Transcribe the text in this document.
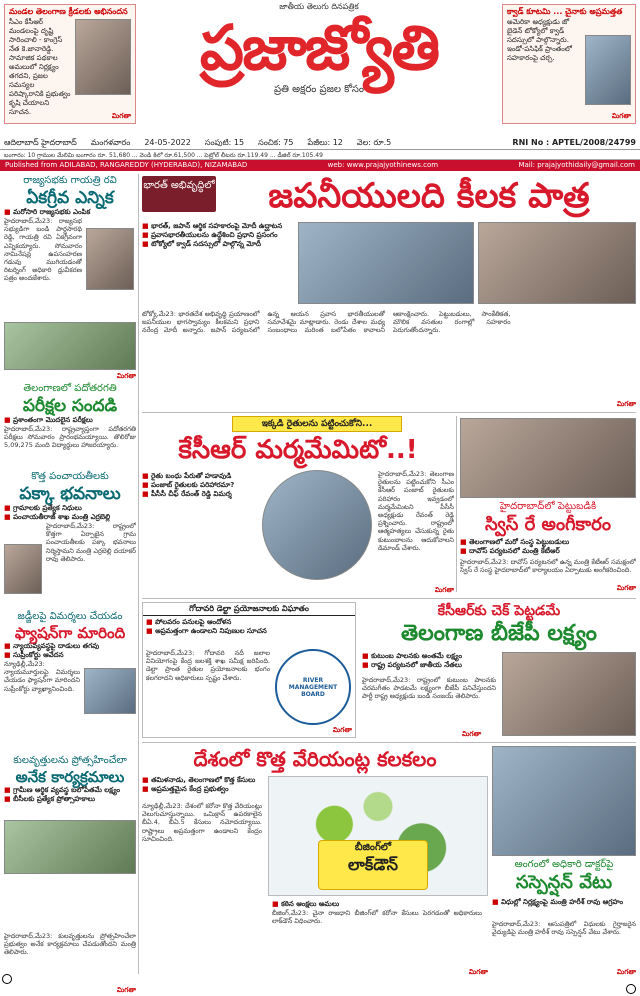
మండల తెలంగాణ క్రీడలకు అభినందన
సీఎం కేసీఆర్ మండలంపై దృష్టి సారించాలి - కాంగ్రెస్ నేత కె.జానారెడ్డి. సామాజిక పథకాల అమలులో నిర్లక్ష్యం తగదని, ప్రజల సమస్యల పరిష్కారానికి ప్రభుత్వం కృషి చేయాలని సూచన.	మిగతా
జాతీయ తెలుగు దినపత్రిక
ప్రజాజ్యోతి
ప్రతి అక్షరం ప్రజల కోసం
క్వాడ్ కూటమి ... చైనాకు అప్రమత్తత
అమెరికా అధ్యక్షుడు జో బైడెన్ టోక్యోలో క్వాడ్ సదస్సులో పాల్గొన్నారు. ఇండో-పసిఫిక్ ప్రాంతంలో సహకారంపై చర్చ.
మిగతా
ఆదిలాబాద్ హైదరాబాద్ మంగళవారం 24-05-2022 సంపుటి: 15 సంచిక: 75 పేజీలు: 12 వెల: రూ.5	RNI No : APTEL/2008/24799
బంగారం: 10 గ్రాముల మేలిమి బంగారం రూ. 51,680 ... వెండి కిలో రూ.61,500 ... పెట్రోల్ లీటరు రూ.119.49 ... డీజిల్ రూ.105.49
Published from ADILABAD, RANGAREDDY (HYDERABAD), NIZAMABAD	web: www.prajajyothinews.com	Mail: prajajyothidaily@gmail.com
రాజ్యసభకు గాయత్రి రవి
ఏకగ్రీవ ఎన్నిక
■ మరోసారి రాజ్యసభకు ఎంపిక
హైదరాబాద్,మే23: రాజ్యసభ సభ్యుడిగా బండి పార్థసారథి రెడ్డి, గాయత్రి రవి ఏకగ్రీవంగా ఎన్నికయ్యారు. సోమవారం నామినేషన్ల ఉపసంహరణ గడువు ముగియడంతో రిటర్నింగ్ అధికారి ధ్రువీకరణ పత్రం అందజేశారు.
మిగతా
తెలంగాణలో పదోతరగతి
పరీక్షల సందడి
■ ప్రశాంతంగా మొదలైన పరీక్షలు
హైదరాబాద్,మే23: రాష్ట్రవ్యాప్తంగా పదోతరగతి పరీక్షలు సోమవారం ప్రారంభమయ్యాయి. తొలిరోజు 5,09,275 మంది విద్యార్థులు హాజరయ్యారు.
కొత్త పంచాయతీలకు
పక్కా భవనాలు
■ గ్రామాలకు ప్రత్యేక నిధులు
■ పంచాయతీరాజ్ శాఖ మంత్రి ఎర్రబెల్లి
హైదరాబాద్,మే23: రాష్ట్రంలో కొత్తగా ఏర్పాటైన గ్రామ పంచాయతీలకు పక్కా భవనాలు నిర్మిస్తామని మంత్రి ఎర్రబెల్లి దయాకర్ రావు తెలిపారు.
జడ్జీలపై విమర్శలు చేయడం
ఫ్యాషన్‌గా మారింది
■ న్యాయవ్యవస్థపై దాడులు తగవు
■ సుప్రీంకోర్టు ఆవేదన
న్యూఢిల్లీ,మే23: న్యాయమూర్తులపై విమర్శలు చేయడం ఫ్యాషన్‌గా మారిందని సుప్రీంకోర్టు వ్యాఖ్యానించింది.
కులవృత్తులను ప్రోత్సహించేలా
అనేక కార్యక్రమాలు
■ గ్రామీణ ఆర్థిక వ్యవస్థ బలోపేతమే లక్ష్యం
■ బీసీలకు ప్రత్యేక ప్రోత్సాహకాలు
హైదరాబాద్,మే23: కులవృత్తులను ప్రోత్సహించేలా ప్రభుత్వం అనేక కార్యక్రమాలు చేపడుతోందని మంత్రి తెలిపారు.
మిగతా
భారత్ అభివృద్ధిలో	జపనీయులది కీలక పాత్ర
■ భారత్, జపాన్ ఆర్థిక సహకారంపై మోదీ ఉద్ఘాటన
■ ప్రవాసభారతీయులను ఉద్దేశించి ప్రధాని ప్రసంగం
■ టోక్యోలో క్వాడ్ సదస్సులో పాల్గొన్న మోదీ
టోక్యో,మే23: భారతదేశ అభివృద్ధి ప్రయాణంలో జపనీయుల భాగస్వామ్యం కీలకమని ప్రధాని నరేంద్ర మోదీ అన్నారు. జపాన్ పర్యటనలో ఉన్న ఆయన ప్రవాస భారతీయులతో సమావేశమై మాట్లాడారు. రెండు దేశాల మధ్య సంబంధాలు మరింత బలోపేతం కావాలని ఆకాంక్షించారు. పెట్టుబడులు, సాంకేతికత, మౌలిక వసతుల రంగాల్లో సహకారం పెరుగుతోందన్నారు.
మిగతా
ఇక్కడి రైతులను పట్టించుకోని...
కేసీఆర్ మర్మమేమిటో..!
■ రైతు బంధు పేరుతో హడావుడి
■ పంజాబ్ రైతులకు పరిహారమా?
■ పీసీసీ చీఫ్ రేవంత్ రెడ్డి విమర్శ
హైదరాబాద్,మే23: తెలంగాణ రైతులను పట్టించుకోని సీఎం కేసీఆర్ పంజాబ్ రైతులకు పరిహారం ఇవ్వడంలో మర్మమేమిటని పీసీసీ అధ్యక్షుడు రేవంత్ రెడ్డి ప్రశ్నించారు. రాష్ట్రంలో ఆత్మహత్యలు చేసుకున్న రైతు కుటుంబాలను ఆదుకోవాలని డిమాండ్ చేశారు.
మిగతా
హైదరాబాద్‌లో పెట్టుబడికి
స్విస్ రే అంగీకారం
■ తెలంగాణలో మరో సంస్థ పెట్టుబడులు
■ దావోస్ పర్యటనలో మంత్రి కేటీఆర్
హైదరాబాద్,మే23: దావోస్ పర్యటనలో ఉన్న మంత్రి కేటీఆర్ సమక్షంలో స్విస్ రే సంస్థ హైదరాబాద్‌లో కార్యాలయం ఏర్పాటుకు అంగీకరించింది.
మిగతా
గోదావరి డెల్టా ప్రయోజనాలకు విఘాతం
■ పోలవరం పనులపై ఆందోళన
■ అప్రమత్తంగా ఉండాలని నిపుణుల సూచన
హైదరాబాద్,మే23: గోదావరి నదీ జలాల వినియోగంపై కేంద్ర జలశక్తి శాఖ సమీక్ష జరిపింది. డెల్టా ప్రాంత రైతుల ప్రయోజనాలకు భంగం కలగరాదని అధికారులు స్పష్టం చేశారు.	RIVER MANAGEMENT BOARD
మిగతా
కేసీఆర్‌కు చెక్ పెట్టడమే
తెలంగాణ బీజేపీ లక్ష్యం
■ కుటుంబ పాలనకు అంతమే లక్ష్యం
■ రాష్ట్ర పర్యటనలో జాతీయ నేతలు
హైదరాబాద్,మే23: రాష్ట్రంలో కుటుంబ పాలనకు చరమగీతం పాడటమే లక్ష్యంగా బీజేపీ పనిచేస్తుందని పార్టీ రాష్ట్ర అధ్యక్షుడు బండి సంజయ్ తెలిపారు.
మిగతా
దేశంలో కొత్త వేరియంట్ల కలకలం
■ తమిళనాడు, తెలంగాణలో కొత్త కేసులు
■ అప్రమత్తమైన కేంద్ర ప్రభుత్వం
న్యూఢిల్లీ,మే23: దేశంలో కరోనా కొత్త వేరియంట్లు వెలుగుచూస్తున్నాయి. ఒమిక్రాన్ ఉపరకాలైన బీఏ.4, బీఏ.5 కేసులు నమోదయ్యాయి. రాష్ట్రాలు అప్రమత్తంగా ఉండాలని కేంద్రం సూచించింది.
బీజింగ్‌లో
లాక్‌డౌన్
■ కఠిన ఆంక్షలు అమలు
బీజింగ్,మే23: చైనా రాజధాని బీజింగ్‌లో కరోనా కేసులు పెరగడంతో అధికారులు లాక్‌డౌన్ విధించారు.
మిగతా
అంగంలో అధికారి డాక్టర్‌పై
సస్పెన్షన్ వేటు
■ విధుల్లో నిర్లక్ష్యంపై మంత్రి హరీశ్ రావు ఆగ్రహం
హైదరాబాద్,మే23: ఆసుపత్రిలో విధులకు గైర్హాజరైన వైద్యుడిపై మంత్రి హరీశ్ రావు సస్పెన్షన్ వేటు వేశారు.
మిగతా
